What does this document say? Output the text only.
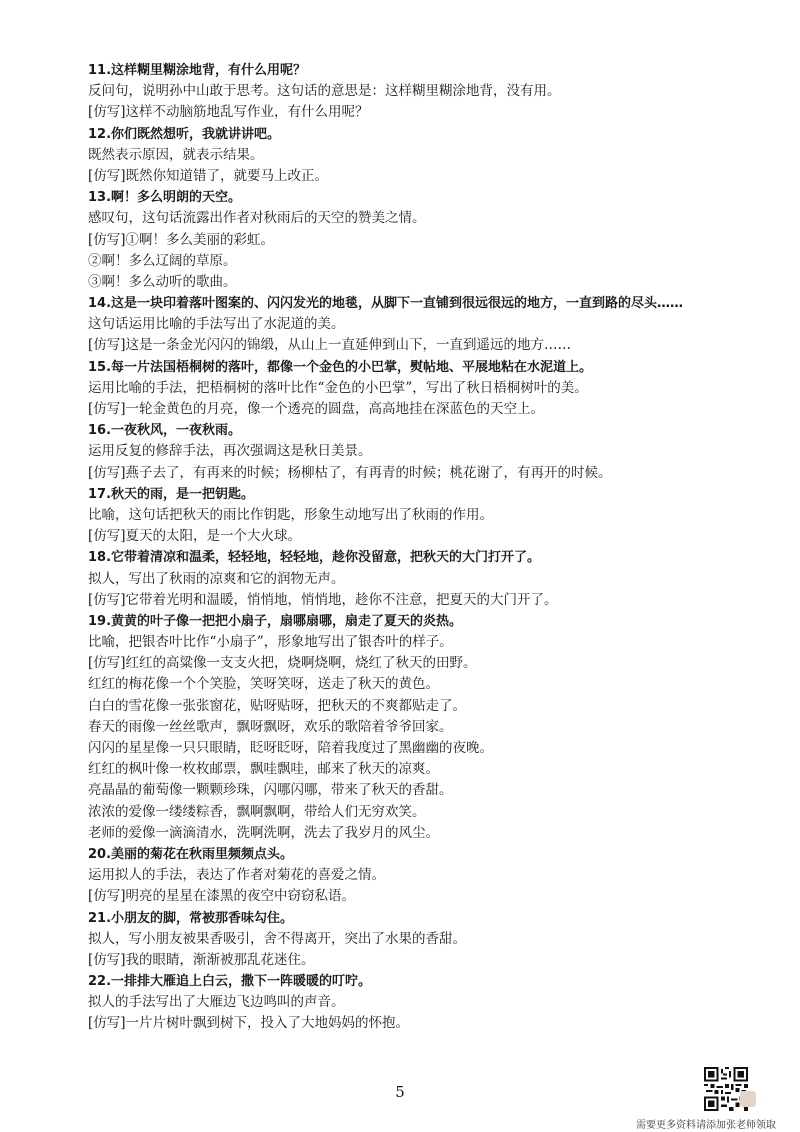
11.这样糊里糊涂地背，有什么用呢？
反问句，说明孙中山敢于思考。这句话的意思是：这样糊里糊涂地背，没有用。
[仿写]这样不动脑筋地乱写作业，有什么用呢？
12.你们既然想听，我就讲讲吧。
既然表示原因，就表示结果。
[仿写]既然你知道错了，就要马上改正。
13.啊！多么明朗的天空。
感叹句，这句话流露出作者对秋雨后的天空的赞美之情。
[仿写]①啊！多么美丽的彩虹。
②啊！多么辽阔的草原。
③啊！多么动听的歌曲。
14.这是一块印着落叶图案的、闪闪发光的地毯，从脚下一直铺到很远很远的地方，一直到路的尽头……
这句话运用比喻的手法写出了水泥道的美。
[仿写]这是一条金光闪闪的锦缎，从山上一直延伸到山下，一直到遥远的地方……
15.每一片法国梧桐树的落叶，都像一个金色的小巴掌，熨帖地、平展地粘在水泥道上。
运用比喻的手法，把梧桐树的落叶比作“金色的小巴掌”，写出了秋日梧桐树叶的美。
[仿写]一轮金黄色的月亮，像一个透亮的圆盘，高高地挂在深蓝色的天空上。
16.一夜秋风，一夜秋雨。
运用反复的修辞手法，再次强调这是秋日美景。
[仿写]燕子去了，有再来的时候；杨柳枯了，有再青的时候；桃花谢了，有再开的时候。
17.秋天的雨，是一把钥匙。
比喻，这句话把秋天的雨比作钥匙，形象生动地写出了秋雨的作用。
[仿写]夏天的太阳，是一个大火球。
18.它带着清凉和温柔，轻轻地，轻轻地，趁你没留意，把秋天的大门打开了。
拟人，写出了秋雨的凉爽和它的润物无声。
[仿写]它带着光明和温暖，悄悄地，悄悄地，趁你不注意，把夏天的大门开了。
19.黄黄的叶子像一把把小扇子，扇哪扇哪，扇走了夏天的炎热。
比喻，把银杏叶比作“小扇子”，形象地写出了银杏叶的样子。
[仿写]红红的高粱像一支支火把，烧啊烧啊，烧红了秋天的田野。
红红的梅花像一个个笑脸，笑呀笑呀，送走了秋天的黄色。
白白的雪花像一张张窗花，贴呀贴呀，把秋天的不爽都贴走了。
春天的雨像一丝丝歌声，飘呀飘呀，欢乐的歌陪着爷爷回家。
闪闪的星星像一只只眼睛，眨呀眨呀，陪着我度过了黑幽幽的夜晚。
红红的枫叶像一枚枚邮票，飘哇飘哇，邮来了秋天的凉爽。
亮晶晶的葡萄像一颗颗珍珠，闪哪闪哪，带来了秋天的香甜。
浓浓的爱像一缕缕粽香，飘啊飘啊，带给人们无穷欢笑。
老师的爱像一滴滴清水，洗啊洗啊，洗去了我岁月的风尘。
20.美丽的菊花在秋雨里频频点头。
运用拟人的手法，表达了作者对菊花的喜爱之情。
[仿写]明亮的星星在漆黑的夜空中窃窃私语。
21.小朋友的脚，常被那香味勾住。
拟人，写小朋友被果香吸引，舍不得离开，突出了水果的香甜。
[仿写]我的眼睛，渐渐被那乱花迷住。
22.一排排大雁追上白云，撒下一阵暖暖的叮咛。
拟人的手法写出了大雁边飞边鸣叫的声音。
[仿写]一片片树叶飘到树下，投入了大地妈妈的怀抱。
5
需要更多资料请添加张老师领取
